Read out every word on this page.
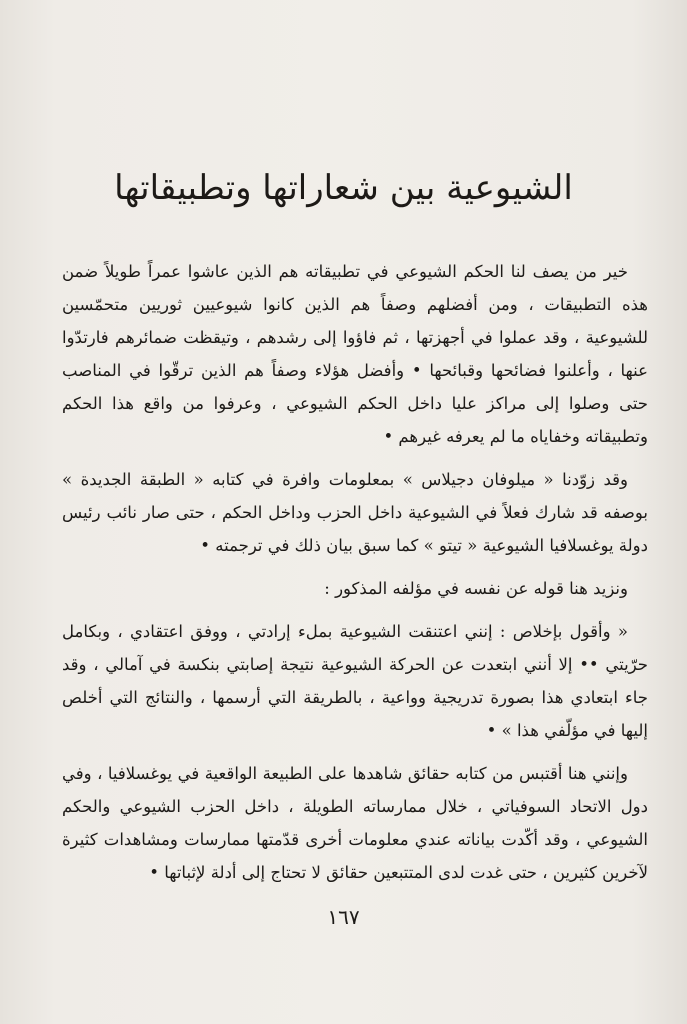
الشيوعية بين شعاراتها وتطبيقاتها

خير من يصف لنا الحكم الشيوعي في تطبيقاته هم الذين عاشوا عمراً طويلاً ضمن هذه التطبيقات ، ومن أفضلهم وصفاً هم الذين كانوا شيوعيين ثوريين متحمّسين للشيوعية ، وقد عملوا في أجهزتها ، ثم فاؤوا إلى رشدهم ، وتيقظت ضمائرهم فارتدّوا عنها ، وأعلنوا فضائحها وقبائحها • وأفضل هؤلاء وصفاً هم الذين ترقّوا في المناصب حتى وصلوا إلى مراكز عليا داخل الحكم الشيوعي ، وعرفوا من واقع هذا الحكم وتطبيقاته وخفاياه ما لم يعرفه غيرهم •

وقد زوّدنا « ميلوفان دجيلاس » بمعلومات وافرة في كتابه « الطبقة الجديدة » بوصفه قد شارك فعلاً في الشيوعية داخل الحزب وداخل الحكم ، حتى صار نائب رئيس دولة يوغسلافيا الشيوعية « تيتو » كما سبق بيان ذلك في ترجمته •

ونزيد هنا قوله عن نفسه في مؤلفه المذكور :

« وأقول بإخلاص : إنني اعتنقت الشيوعية بملء إرادتي ، ووفق اعتقادي ، وبكامل حرّيتي •• إلا أنني ابتعدت عن الحركة الشيوعية نتيجة إصابتي بنكسة في آمالي ، وقد جاء ابتعادي هذا بصورة تدريجية وواعية ، بالطريقة التي أرسمها ، والنتائج التي أخلص إليها في مؤلّفي هذا » •

وإنني هنا أقتبس من كتابه حقائق شاهدها على الطبيعة الواقعية في يوغسلافيا ، وفي دول الاتحاد السوفياتي ، خلال ممارساته الطويلة ، داخل الحزب الشيوعي والحكم الشيوعي ، وقد أكّدت بياناته عندي معلومات أخرى قدّمتها ممارسات ومشاهدات كثيرة لآخرين كثيرين ، حتى غدت لدى المتتبعين حقائق لا تحتاج إلى أدلة لإثباتها •

١٦٧
